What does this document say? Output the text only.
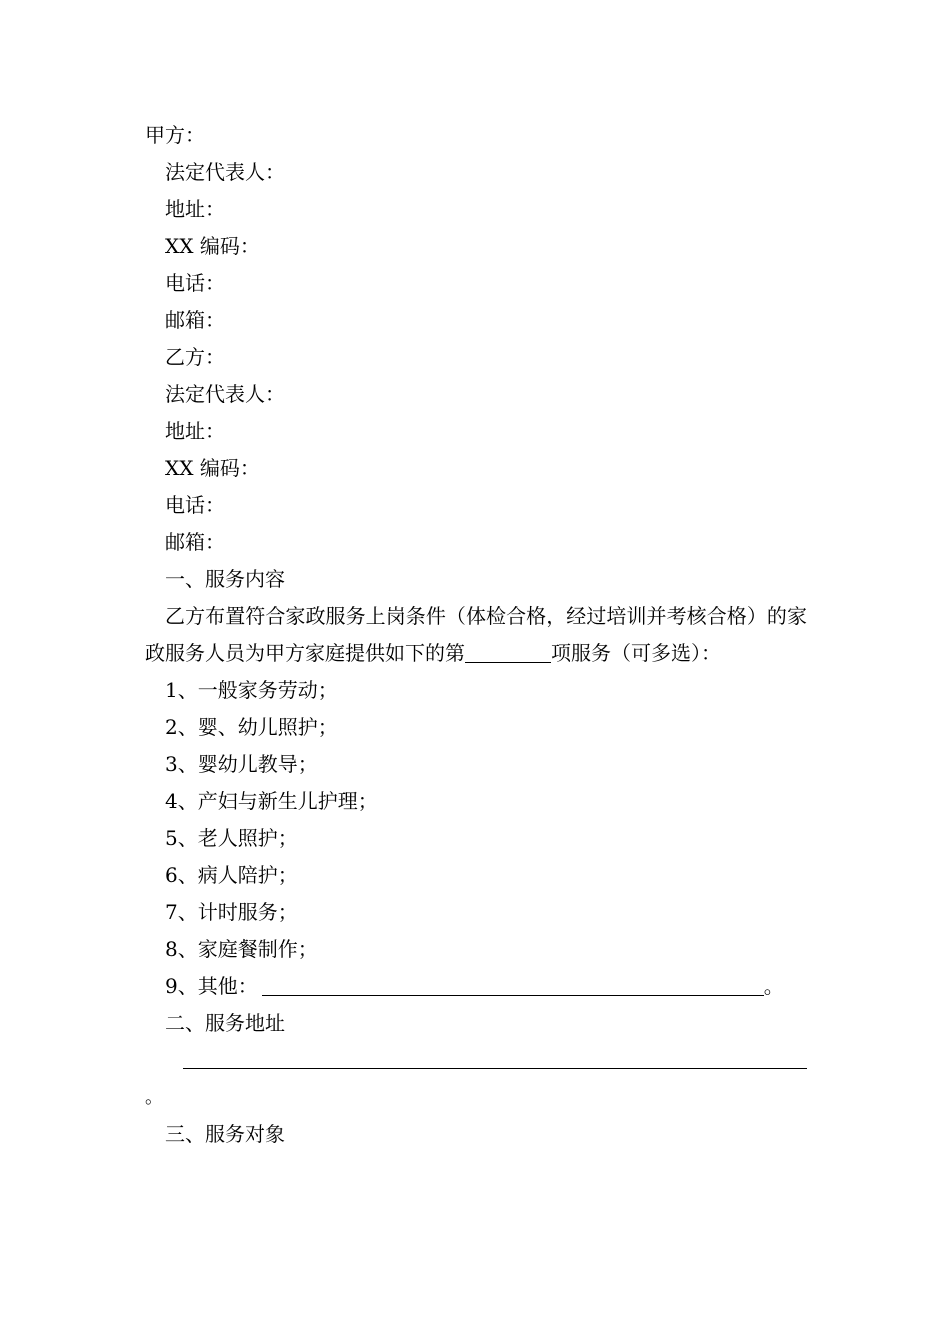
甲方：
法定代表人：
地址：
XX 编码：
电话：
邮箱：
乙方：
法定代表人：
地址：
XX 编码：
电话：
邮箱：
一、服务内容
乙方布置符合家政服务上岗条件（体检合格，经过培训并考核合格）的家政服务人员为甲方家庭提供如下的第	项服务（可多选）：
1、一般家务劳动；
2、婴、幼儿照护；
3、婴幼儿教导；
4、产妇与新生儿护理；
5、老人照护；
6、病人陪护；
7、计时服务；
8、家庭餐制作；
9、其他：	。
二、服务地址
。
三、服务对象
